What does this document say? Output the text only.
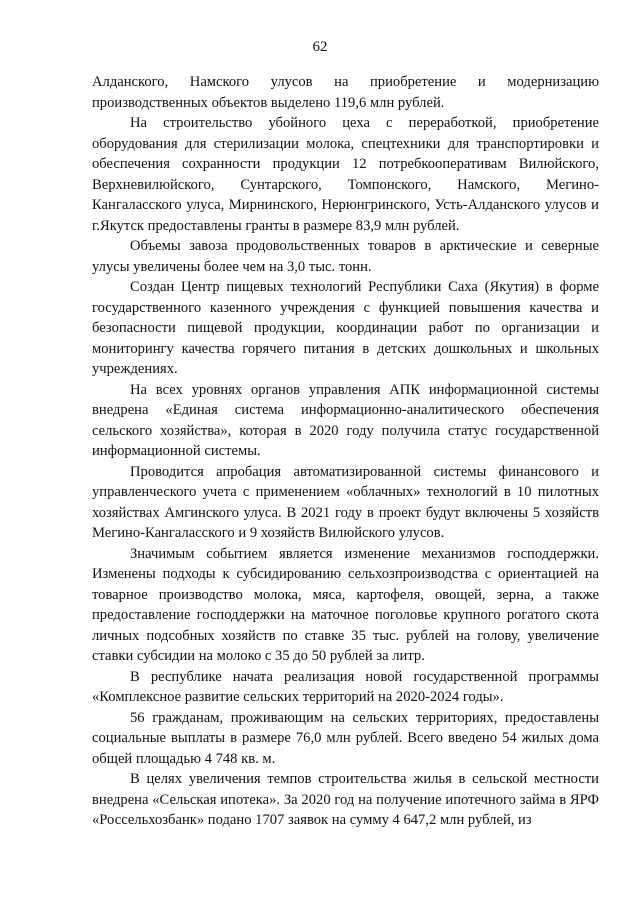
62

Алданского, Намского улусов на приобретение и модернизацию производственных объектов выделено 119,6 млн рублей.

На строительство убойного цеха с переработкой, приобретение оборудования для стерилизации молока, спецтехники для транспортировки и обеспечения сохранности продукции 12 потребкооперативам Вилюйского, Верхневилюйского, Сунтарского, Томпонского, Намского, Мегино-Кангаласского улуса, Мирнинского, Нерюнгринского, Усть-Алданского улусов и г.Якутск предоставлены гранты в размере 83,9 млн рублей.

Объемы завоза продовольственных товаров в арктические и северные улусы увеличены более чем на 3,0 тыс. тонн.

Создан Центр пищевых технологий Республики Саха (Якутия) в форме государственного казенного учреждения с функцией повышения качества и безопасности пищевой продукции, координации работ по организации и мониторингу качества горячего питания в детских дошкольных и школьных учреждениях.

На всех уровнях органов управления АПК информационной системы внедрена «Единая система информационно-аналитического обеспечения сельского хозяйства», которая в 2020 году получила статус государственной информационной системы.

Проводится апробация автоматизированной системы финансового и управленческого учета с применением «облачных» технологий в 10 пилотных хозяйствах Амгинского улуса. В 2021 году в проект будут включены 5 хозяйств Мегино-Кангаласского и 9 хозяйств Вилюйского улусов.

Значимым событием является изменение механизмов господдержки. Изменены подходы к субсидированию сельхозпроизводства с ориентацией на товарное производство молока, мяса, картофеля, овощей, зерна, а также предоставление господдержки на маточное поголовье крупного рогатого скота личных подсобных хозяйств по ставке 35 тыс. рублей на голову, увеличение ставки субсидии на молоко с 35 до 50 рублей за литр.

В республике начата реализация новой государственной программы «Комплексное развитие сельских территорий на 2020-2024 годы».

56 гражданам, проживающим на сельских территориях, предоставлены социальные выплаты в размере 76,0 млн рублей. Всего введено 54 жилых дома общей площадью 4 748 кв. м.

В целях увеличения темпов строительства жилья в сельской местности внедрена «Сельская ипотека». За 2020 год на получение ипотечного займа в ЯРФ «Россельхозбанк» подано 1707 заявок на сумму 4 647,2 млн рублей, из
